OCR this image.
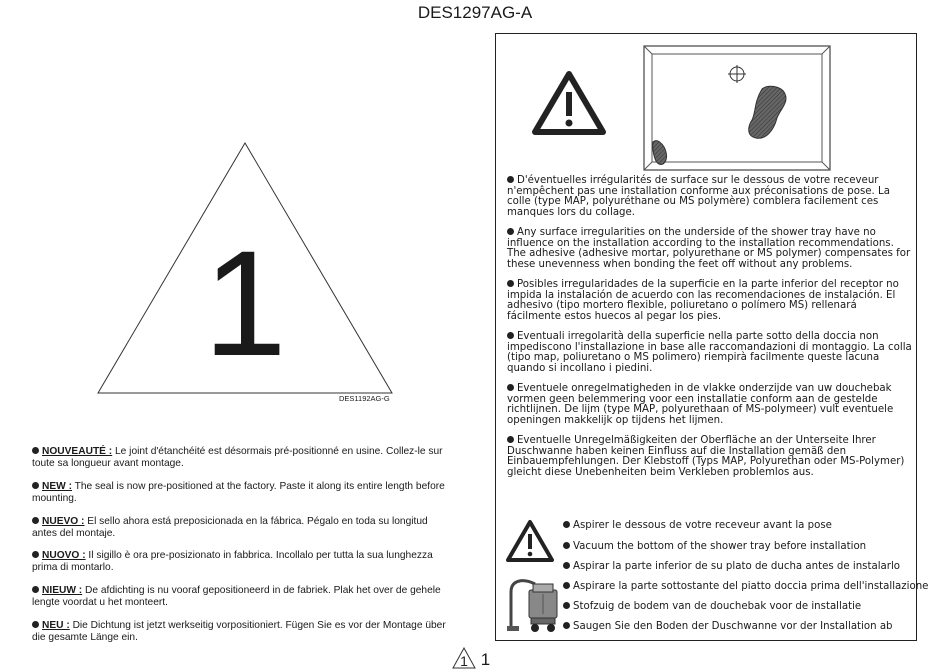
DES1297AG-A
1
DES1192AG-G
NOUVEAUTÉ : Le joint d'étanchéité est désormais pré-positionné en usine. Collez-le sur toute sa longueur avant montage.
NEW : The seal is now pre-positioned at the factory. Paste it along its entire length before mounting.
NUEVO : El sello ahora está preposicionada en la fábrica. Pégalo en toda su longitud antes del montaje.
NUOVO : Il sigillo è ora pre-posizionato in fabbrica. Incollalo per tutta la sua lunghezza prima di montarlo.
NIEUW : De afdichting is nu vooraf gepositioneerd in de fabriek. Plak het over de gehele lengte voordat u het monteert.
NEU : Die Dichtung ist jetzt werkseitig vorpositioniert. Fügen Sie es vor der Montage über die gesamte Länge ein.
D'éventuelles irrégularités de surface sur le dessous de votre receveur n'empêchent pas une installation conforme aux préconisations de pose. La colle (type MAP, polyuréthane ou MS polymère) comblera facilement ces manques lors du collage.
Any surface irregularities on the underside of the shower tray have no influence on the installation according to the installation recommendations. The adhesive (adhesive mortar, polyurethane or MS polymer) compensates for these unevenness when bonding the feet off without any problems.
Posibles irregularidades de la superficie en la parte inferior del receptor no impida la instalación de acuerdo con las recomendaciones de instalación. El adhesivo (tipo mortero flexible, poliuretano o polímero MS) rellenará fácilmente estos huecos al pegar los pies.
Eventuali irregolarità della superficie nella parte sotto della doccia non impediscono l'installazione in base alle raccomandazioni di montaggio. La colla (tipo map, poliuretano o MS polimero) riempirà facilmente queste lacuna quando si incollano i piedini.
Eventuele onregelmatigheden in de vlakke onderzijde van uw douchebak vormen geen belemmering voor een installatie conform aan de gestelde richtlijnen. De lijm (type MAP, polyurethaan of MS-polymeer) vult eventuele openingen makkelijk op tijdens het lijmen.
Eventuelle Unregelmäßigkeiten der Oberfläche an der Unterseite Ihrer Duschwanne haben keinen Einfluss auf die Installation gemäß den Einbauempfehlungen. Der Klebstoff (Typs MAP, Polyurethan oder MS-Polymer) gleicht diese Unebenheiten beim Verkleben problemlos aus.
Aspirer le dessous de votre receveur avant la pose
Vacuum the bottom of the shower tray before installation
Aspirar la parte inferior de su plato de ducha antes de instalarlo
Aspirare la parte sottostante del piatto doccia prima dell'installazione
Stofzuig de bodem van de douchebak voor de installatie
Saugen Sie den Boden der Duschwanne vor der Installation ab
1 1
